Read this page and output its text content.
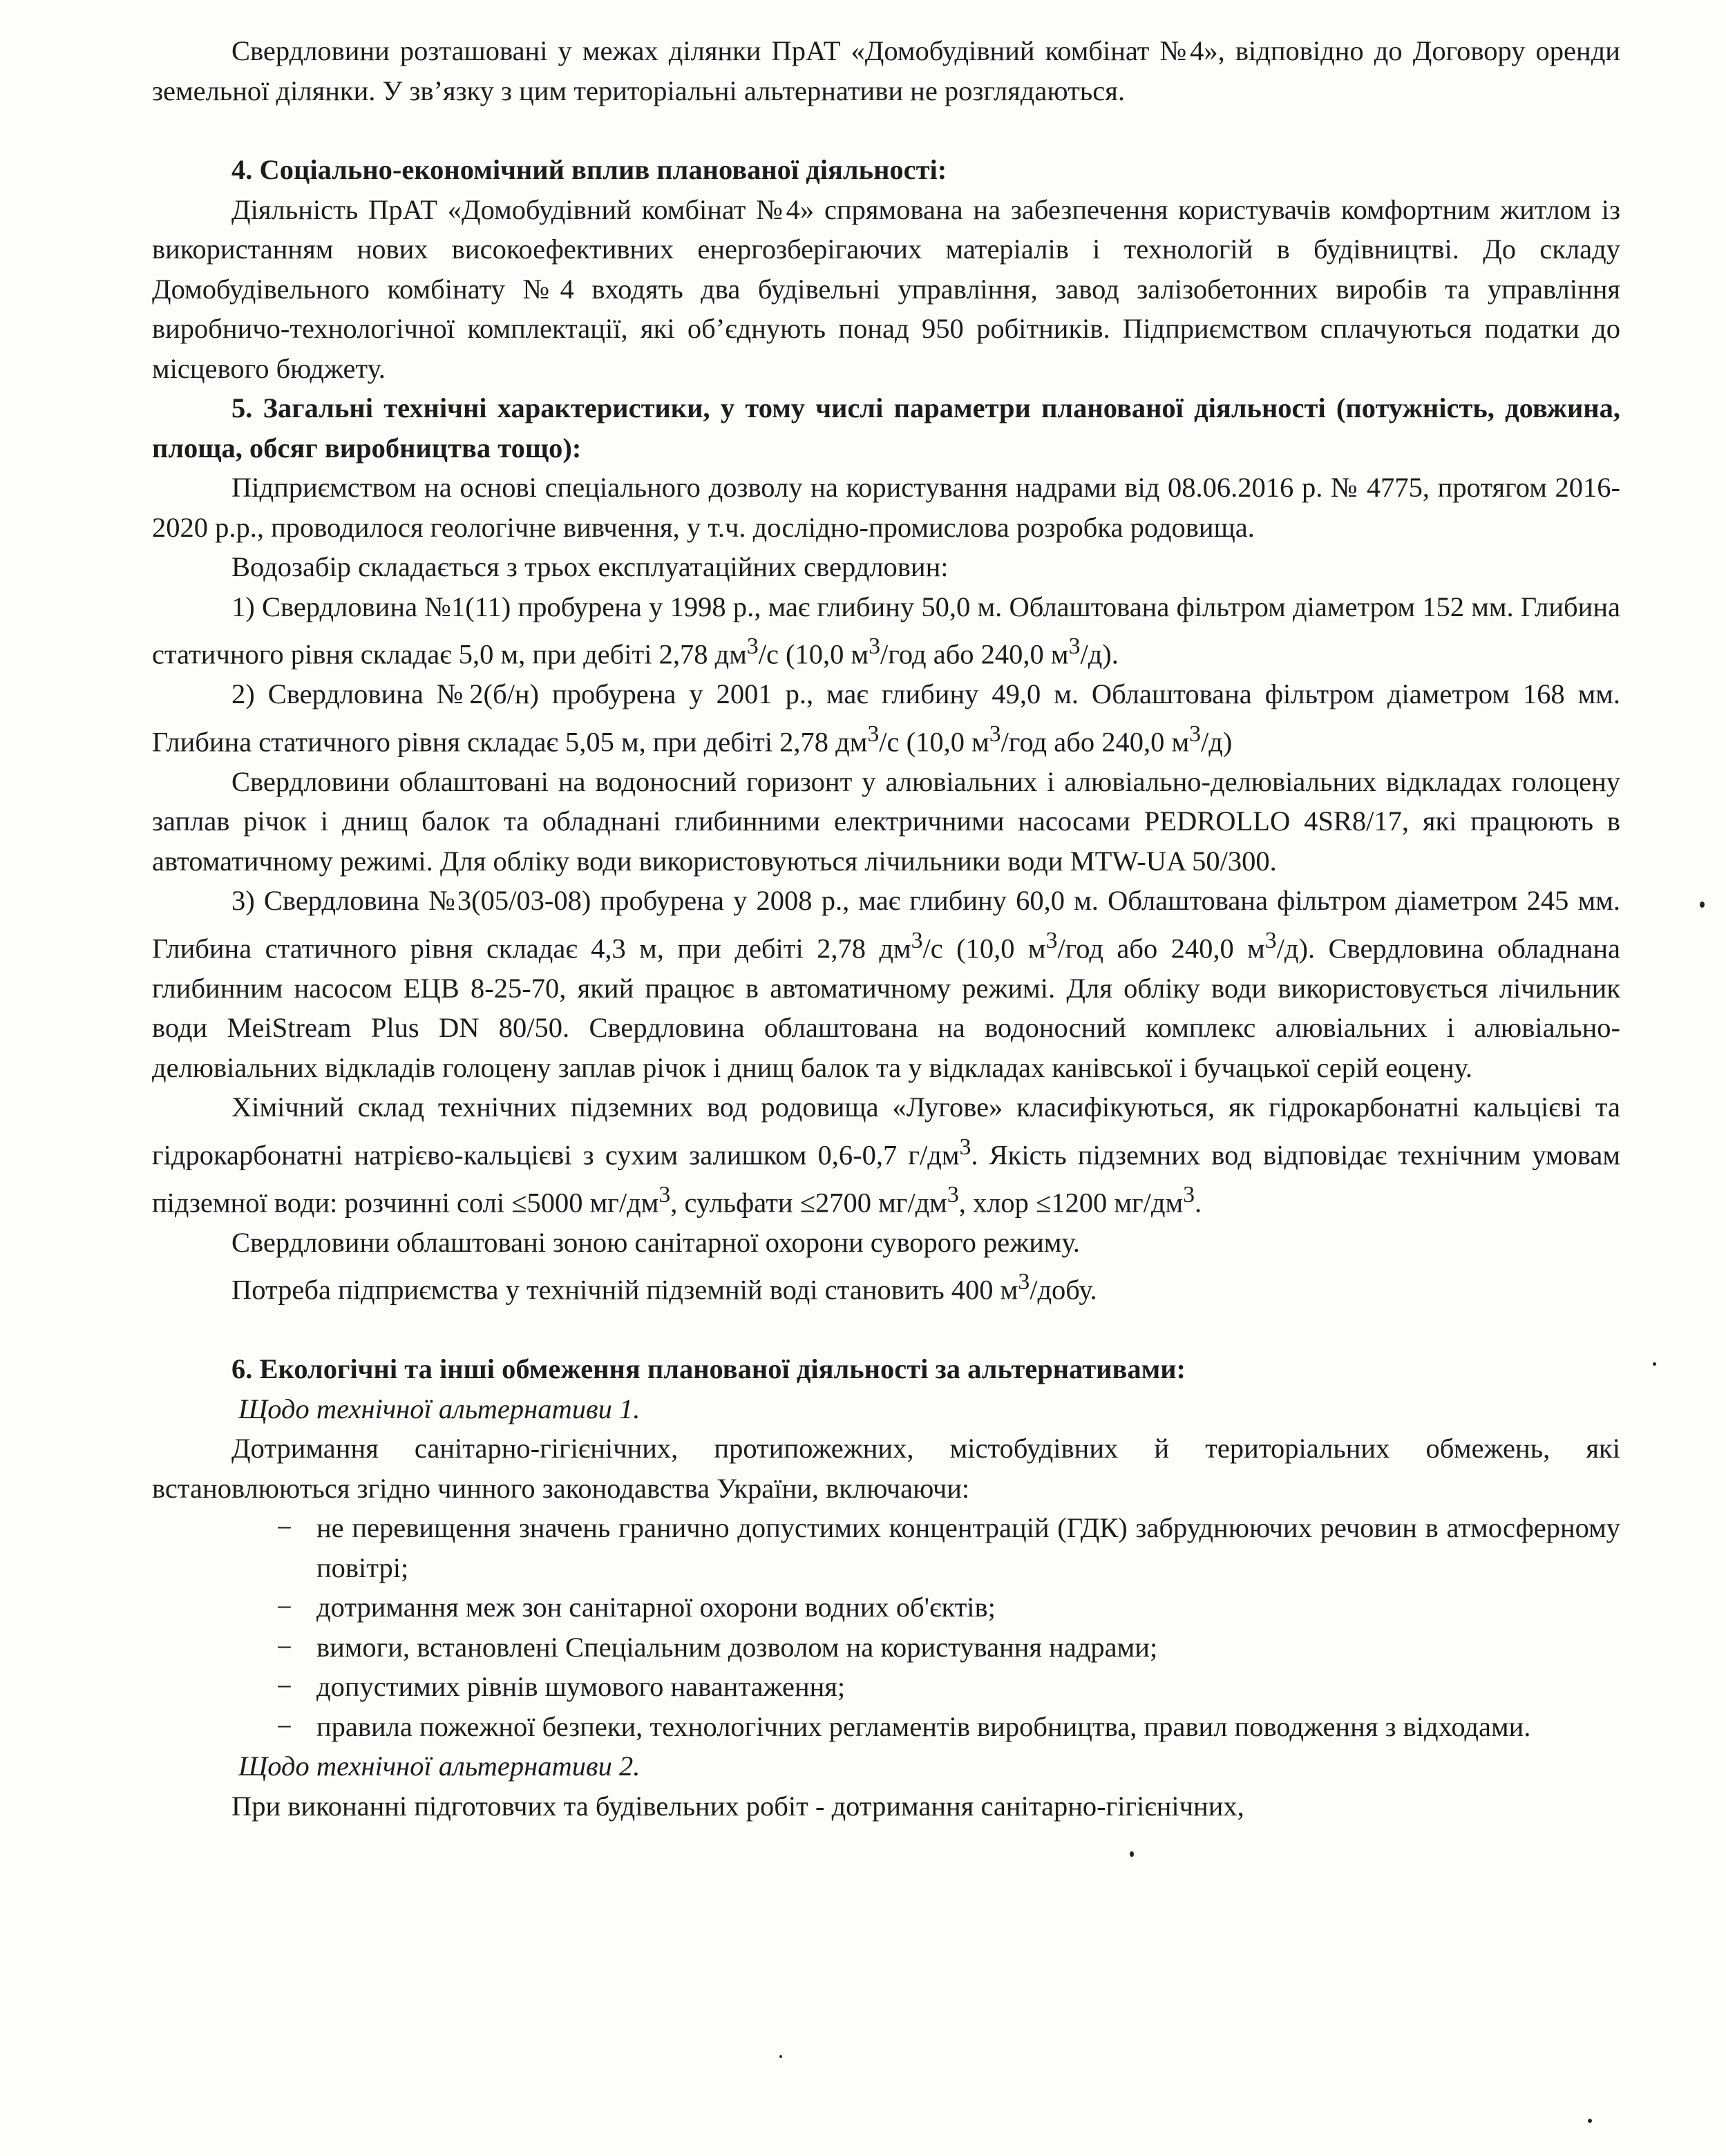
Свердловини розташовані у межах ділянки ПрАТ «Домобудівний комбінат №4», відповідно до Договору оренди земельної ділянки. У зв’язку з цим територіальні альтернативи не розглядаються.

4. Соціально-економічний вплив планованої діяльності:

Діяльність ПрАТ «Домобудівний комбінат №4» спрямована на забезпечення користувачів комфортним житлом із використанням нових високоефективних енергозберігаючих матеріалів і технологій в будівництві. До складу Домобудівельного комбінату №4 входять два будівельні управління, завод залізобетонних виробів та управління виробничо-технологічної комплектації, які об’єднують понад 950 робітників. Підприємством сплачуються податки до місцевого бюджету.

5. Загальні технічні характеристики, у тому числі параметри планованої діяльності (потужність, довжина, площа, обсяг виробництва тощо):

Підприємством на основі спеціального дозволу на користування надрами від 08.06.2016 р. № 4775, протягом 2016-2020 р.р., проводилося геологічне вивчення, у т.ч. дослідно-промислова розробка родовища.

Водозабір складається з трьох експлуатаційних свердловин:

1) Свердловина №1(11) пробурена у 1998 р., має глибину 50,0 м. Облаштована фільтром діаметром 152 мм. Глибина статичного рівня складає 5,0 м, при дебіті 2,78 $дм^3/с$ (10,0 $м^3$/год або 240,0 $м^3/д$).

2) Свердловина №2(б/н) пробурена у 2001 р., має глибину 49,0 м. Облаштована фільтром діаметром 168 мм. Глибина статичного рівня складає 5,05 м, при дебіті 2,78 $дм^3/с$ (10,0 $м^3$/год або 240,0 $м^3/д$)

Свердловини облаштовані на водоносний горизонт у алювіальних і алювіально-делювіальних відкладах голоцену заплав річок і днищ балок та обладнані глибинними електричними насосами PEDROLLO 4SR8/17, які працюють в автоматичному режимі. Для обліку води використовуються лічильники води MTW-UA 50/300.

3) Свердловина №3(05/03-08) пробурена у 2008 р., має глибину 60,0 м. Облаштована фільтром діаметром 245 мм. Глибина статичного рівня складає 4,3 м, при дебіті 2,78 $дм^3/с$ (10,0 $м^3$/год або 240,0 $м^3/д$). Свердловина обладнана глибинним насосом ЕЦВ 8-25-70, який працює в автоматичному режимі. Для обліку води використовується лічильник води MeiStream Plus DN 80/50. Свердловина облаштована на водоносний комплекс алювіальних і алювіально-делювіальних відкладів голоцену заплав річок і днищ балок та у відкладах канівської і бучацької серій еоцену.

Хімічний склад технічних підземних вод родовища «Лугове» класифікуються, як гідрокарбонатні кальцієві та гідрокарбонатні натрієво-кальцієві з сухим залишком 0,6-0,7 $г/дм^3$. Якість підземних вод відповідає технічним умовам підземної води: розчинні солі ≤5000 $мг/дм^3$, сульфати ≤2700 $мг/дм^3$, хлор ≤1200 $мг/дм^3$.

Свердловини облаштовані зоною санітарної охорони суворого режиму.

Потреба підприємства у технічній підземній воді становить 400 $м^3$/добу.

6. Екологічні та інші обмеження планованої діяльності за альтернативами:

Щодо технічної альтернативи 1.

Дотримання санітарно-гігієнічних, протипожежних, містобудівних й територіальних обмежень, які встановлюються згідно чинного законодавства України, включаючи:

− не перевищення значень гранично допустимих концентрацій (ГДК) забруднюючих речовин в атмосферному повітрі;
− дотримання меж зон санітарної охорони водних об'єктів;
− вимоги, встановлені Спеціальним дозволом на користування надрами;
− допустимих рівнів шумового навантаження;
− правила пожежної безпеки, технологічних регламентів виробництва, правил поводження з відходами.

Щодо технічної альтернативи 2.

При виконанні підготовчих та будівельних робіт - дотримання санітарно-гігієнічних,
